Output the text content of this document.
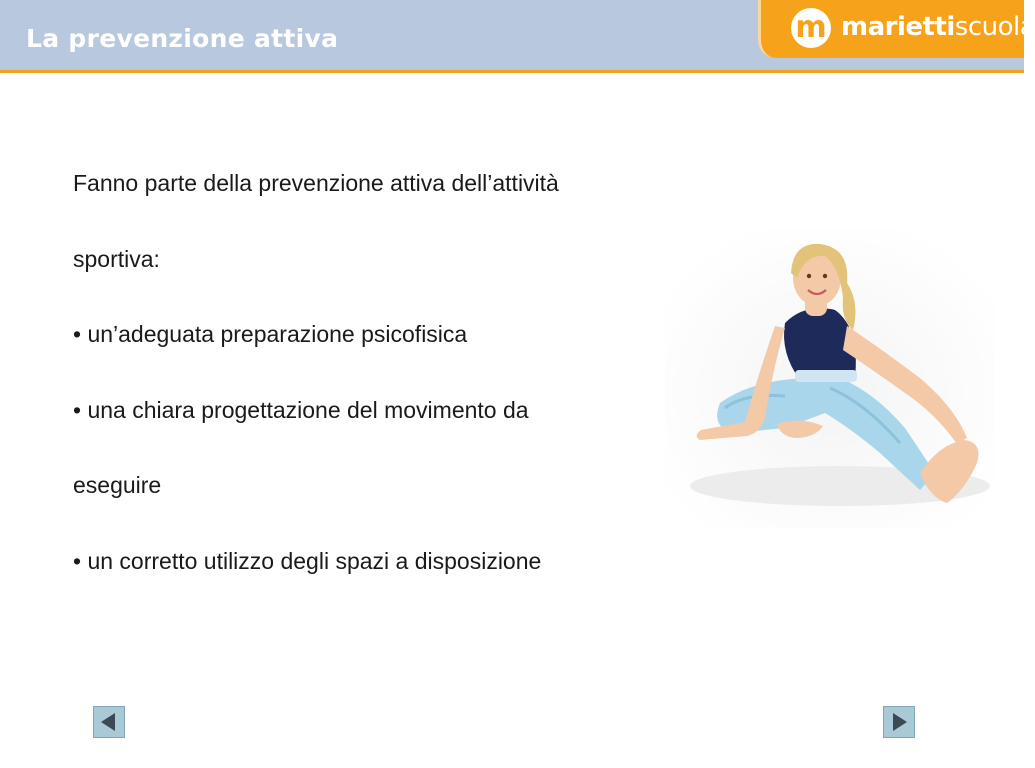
La prevenzione attiva	m mariettiscuola
Fanno parte della prevenzione attiva dell’attività
sportiva:
• un’adeguata preparazione psicofisica
• una chiara progettazione del movimento da
eseguire
• un corretto utilizzo degli spazi a disposizione
